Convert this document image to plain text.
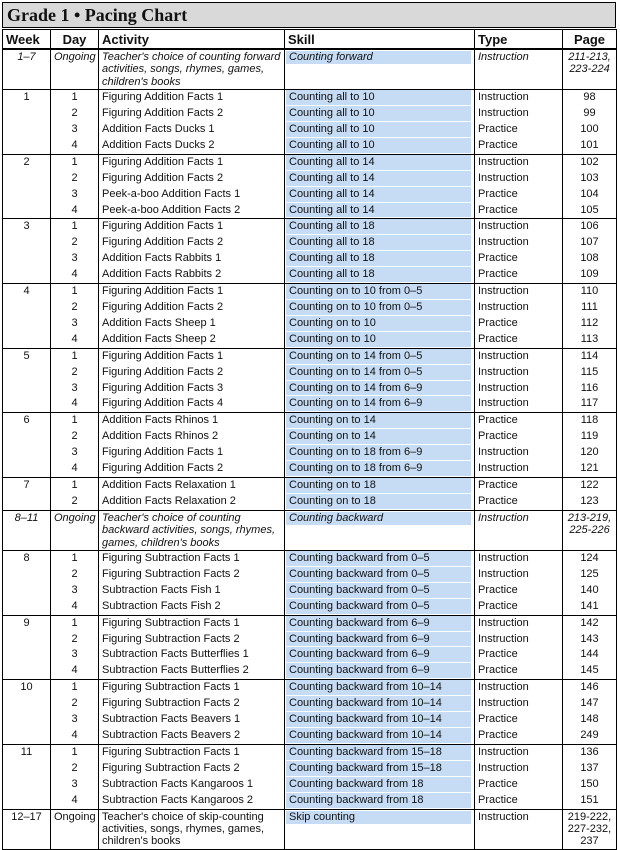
Grade 1 • Pacing Chart
Week	Day	Activity	Skill	Type	Page
1–7	Ongoing	Teacher's choice of counting forward activities, songs, rhymes, games, children's books	Counting forward	Instruction	211-213, 223-224
1	1	Figuring Addition Facts 1	Counting all to 10	Instruction	98
	2	Figuring Addition Facts 2	Counting all to 10	Instruction	99
	3	Addition Facts Ducks 1	Counting all to 10	Practice	100
	4	Addition Facts Ducks 2	Counting all to 10	Practice	101
2	1	Figuring Addition Facts 1	Counting all to 14	Instruction	102
	2	Figuring Addition Facts 2	Counting all to 14	Instruction	103
	3	Peek-a-boo Addition Facts 1	Counting all to 14	Practice	104
	4	Peek-a-boo Addition Facts 2	Counting all to 14	Practice	105
3	1	Figuring Addition Facts 1	Counting all to 18	Instruction	106
	2	Figuring Addition Facts 2	Counting all to 18	Instruction	107
	3	Addition Facts Rabbits 1	Counting all to 18	Practice	108
	4	Addition Facts Rabbits 2	Counting all to 18	Practice	109
4	1	Figuring Addition Facts 1	Counting on to 10 from 0–5	Instruction	110
	2	Figuring Addition Facts 2	Counting on to 10 from 0–5	Instruction	111
	3	Addition Facts Sheep 1	Counting on to 10	Practice	112
	4	Addition Facts Sheep 2	Counting on to 10	Practice	113
5	1	Figuring Addition Facts 1	Counting on to 14 from 0–5	Instruction	114
	2	Figuring Addition Facts 2	Counting on to 14 from 0–5	Instruction	115
	3	Figuring Addition Facts 3	Counting on to 14 from 6–9	Instruction	116
	4	Figuring Addition Facts 4	Counting on to 14 from 6–9	Instruction	117
6	1	Addition Facts Rhinos 1	Counting on to 14	Practice	118
	2	Addition Facts Rhinos 2	Counting on to 14	Practice	119
	3	Figuring Addition Facts 1	Counting on to 18 from 6–9	Instruction	120
	4	Figuring Addition Facts 2	Counting on to 18 from 6–9	Instruction	121
7	1	Addition Facts Relaxation 1	Counting on to 18	Practice	122
	2	Addition Facts Relaxation 2	Counting on to 18	Practice	123
8–11	Ongoing	Teacher's choice of counting backward activities, songs, rhymes, games, children's books	Counting backward	Instruction	213-219, 225-226
8	1	Figuring Subtraction Facts 1	Counting backward from 0–5	Instruction	124
	2	Figuring Subtraction Facts 2	Counting backward from 0–5	Instruction	125
	3	Subtraction Facts Fish 1	Counting backward from 0–5	Practice	140
	4	Subtraction Facts Fish 2	Counting backward from 0–5	Practice	141
9	1	Figuring Subtraction Facts 1	Counting backward from 6–9	Instruction	142
	2	Figuring Subtraction Facts 2	Counting backward from 6–9	Instruction	143
	3	Subtraction Facts Butterflies 1	Counting backward from 6–9	Practice	144
	4	Subtraction Facts Butterflies 2	Counting backward from 6–9	Practice	145
10	1	Figuring Subtraction Facts 1	Counting backward from 10–14	Instruction	146
	2	Figuring Subtraction Facts 2	Counting backward from 10–14	Instruction	147
	3	Subtraction Facts Beavers 1	Counting backward from 10–14	Practice	148
	4	Subtraction Facts Beavers 2	Counting backward from 10–14	Practice	249
11	1	Figuring Subtraction Facts 1	Counting backward from 15–18	Instruction	136
	2	Figuring Subtraction Facts 2	Counting backward from 15–18	Instruction	137
	3	Subtraction Facts Kangaroos 1	Counting backward from 18	Practice	150
	4	Subtraction Facts Kangaroos 2	Counting backward from 18	Practice	151
12–17	Ongoing	Teacher's choice of skip-counting activities, songs, rhymes, games, children's books	Skip counting	Instruction	219-222, 227-232, 237
